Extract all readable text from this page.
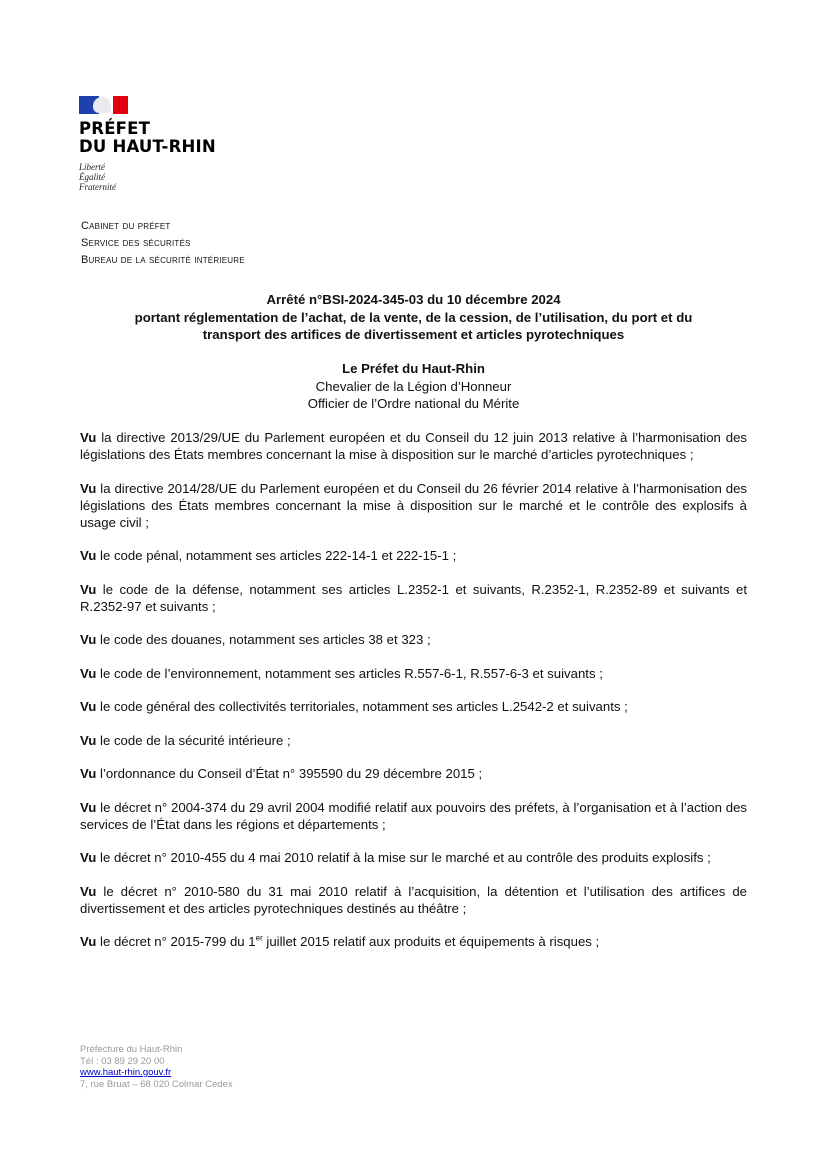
PRÉFET
DU HAUT-RHIN
Liberté
Égalité
Fraternité
Cabinet du préfet
Service des sécurités
Bureau de la sécurité intérieure
Arrêté n°BSI-2024-345-03 du 10 décembre 2024
portant réglementation de l’achat, de la vente, de la cession, de l’utilisation, du port et du
transport des artifices de divertissement et articles pyrotechniques
Le Préfet du Haut-Rhin
Chevalier de la Légion d’Honneur
Officier de l’Ordre national du Mérite

Vu la directive 2013/29/UE du Parlement européen et du Conseil du 12 juin 2013 relative à l’harmonisation des législations des États membres concernant la mise à disposition sur le marché d’articles pyrotechniques ;

Vu la directive 2014/28/UE du Parlement européen et du Conseil du 26 février 2014 relative à l’harmonisation des législations des États membres concernant la mise à disposition sur le marché et le contrôle des explosifs à usage civil ;

Vu le code pénal, notamment ses articles 222-14-1 et 222-15-1 ;

Vu le code de la défense, notamment ses articles L.2352-1 et suivants, R.2352-1, R.2352-89 et suivants et R.2352-97 et suivants ;

Vu le code des douanes, notamment ses articles 38 et 323 ;

Vu le code de l’environnement, notamment ses articles R.557-6-1, R.557-6-3 et suivants ;

Vu le code général des collectivités territoriales, notamment ses articles L.2542-2 et suivants ;

Vu le code de la sécurité intérieure ;

Vu l’ordonnance du Conseil d’État n° 395590 du 29 décembre 2015 ;

Vu le décret n° 2004-374 du 29 avril 2004 modifié relatif aux pouvoirs des préfets, à l’organisation et à l’action des services de l’État dans les régions et départements ;

Vu le décret n° 2010-455 du 4 mai 2010 relatif à la mise sur le marché et au contrôle des produits explosifs ;

Vu le décret n° 2010-580 du 31 mai 2010 relatif à l’acquisition, la détention et l’utilisation des artifices de divertissement et des articles pyrotechniques destinés au théâtre ;

Vu le décret n° 2015-799 du 1er juillet 2015 relatif aux produits et équipements à risques ;

Préfecture du Haut-Rhin
Tél : 03 89 29 20 00
www.haut-rhin.gouv.fr
7, rue Bruat – 68 020 Colmar Cedex
